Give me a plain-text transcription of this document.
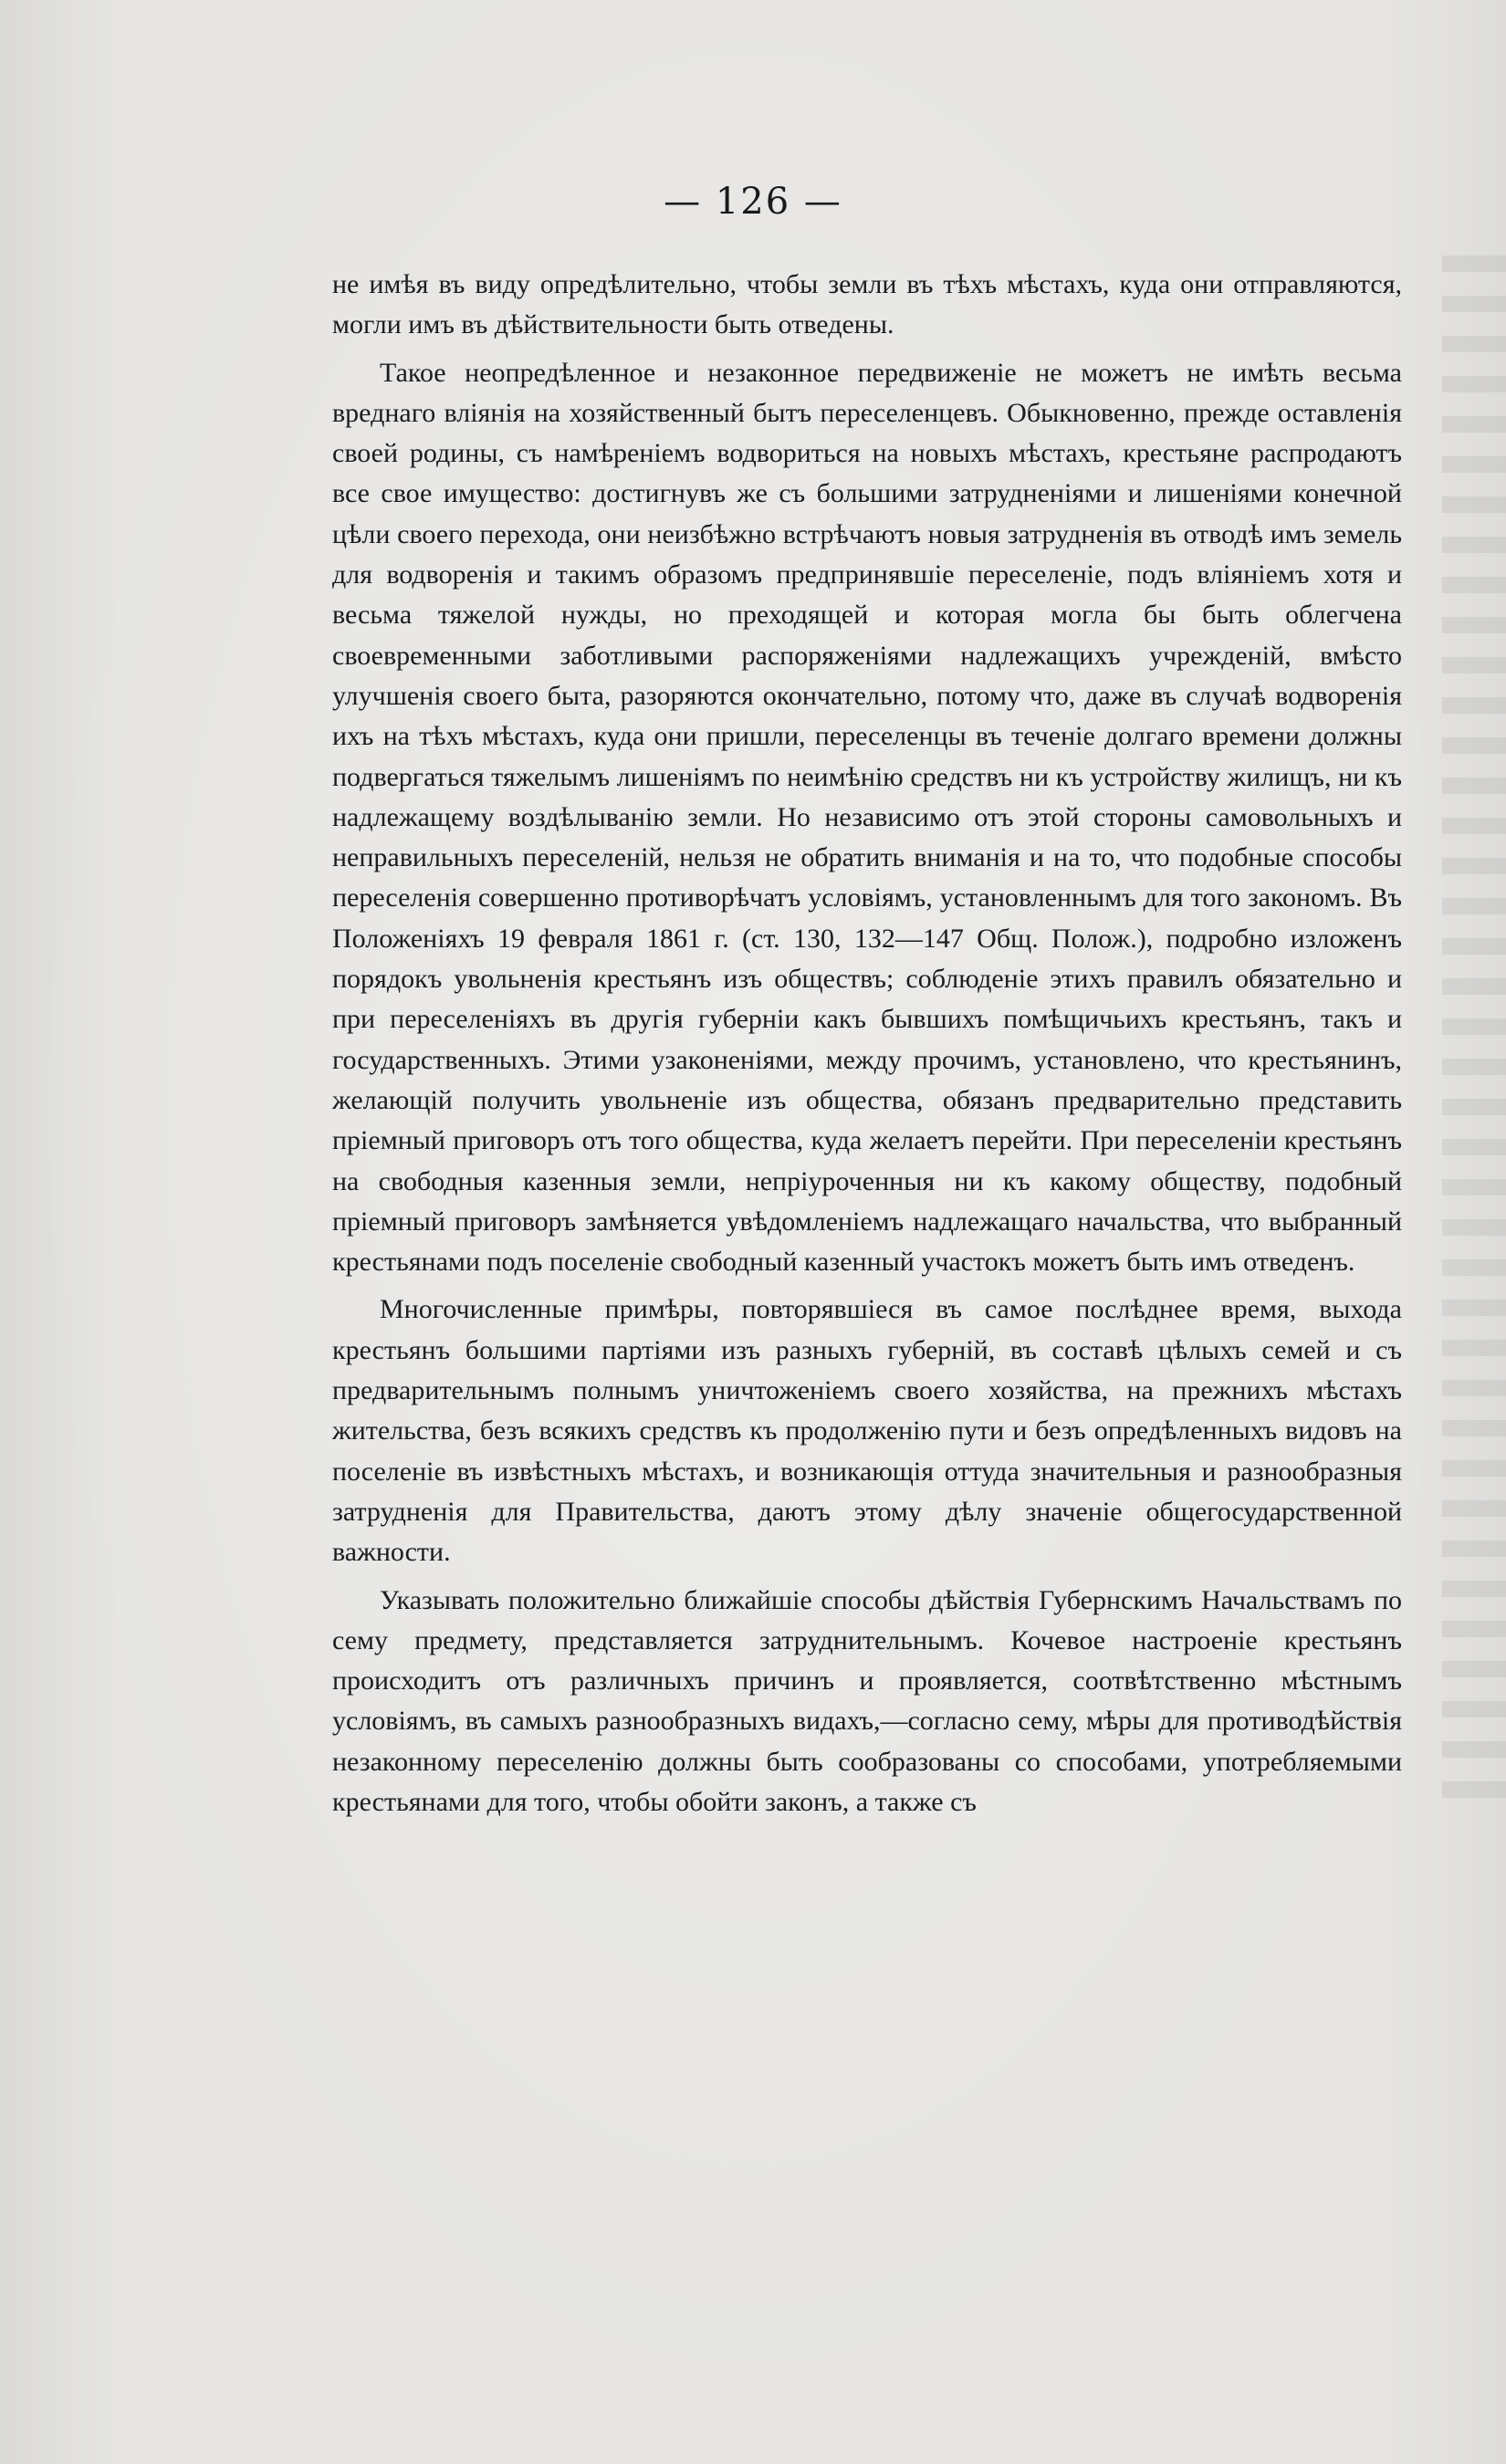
— 126 —

не имѣя въ виду опредѣлительно, чтобы земли въ тѣхъ мѣстахъ, куда они отправляются, могли имъ въ дѣйствительности быть отведены.

Такое неопредѣленное и незаконное передвиженіе не можетъ не имѣть весьма вреднаго вліянія на хозяйственный бытъ переселенцевъ. Обыкновенно, прежде оставленія своей родины, съ намѣреніемъ водвориться на новыхъ мѣстахъ, крестьяне распродаютъ все свое имущество: достигнувъ же съ большими затрудненіями и лишеніями конечной цѣли своего перехода, они неизбѣжно встрѣчаютъ новыя затрудненія въ отводѣ имъ земель для водворенія и такимъ образомъ предпринявшіе переселеніе, подъ вліяніемъ хотя и весьма тяжелой нужды, но преходящей и которая могла бы быть облегчена своевременными заботливыми распоряженіями надлежащихъ учрежденій, вмѣсто улучшенія своего быта, разоряются окончательно, потому что, даже въ случаѣ водворенія ихъ на тѣхъ мѣстахъ, куда они пришли, переселенцы въ теченіе долгаго времени должны подвергаться тяжелымъ лишеніямъ по неимѣнію средствъ ни къ устройству жилищъ, ни къ надлежащему воздѣлыванію земли. Но независимо отъ этой стороны самовольныхъ и неправильныхъ переселеній, нельзя не обратить вниманія и на то, что подобные способы переселенія совершенно противорѣчатъ условіямъ, установленнымъ для того закономъ. Въ Положеніяхъ 19 февраля 1861 г. (ст. 130, 132—147 Общ. Полож.), подробно изложенъ порядокъ увольненія крестьянъ изъ обществъ; соблюденіе этихъ правилъ обязательно и при переселеніяхъ въ другія губерніи какъ бывшихъ помѣщичьихъ крестьянъ, такъ и государственныхъ. Этими узаконеніями, между прочимъ, установлено, что крестьянинъ, желающій получить увольненіе изъ общества, обязанъ предварительно представить пріемный приговоръ отъ того общества, куда желаетъ перейти. При переселеніи крестьянъ на свободныя казенныя земли, непріуроченныя ни къ какому обществу, подобный пріемный приговоръ замѣняется увѣдомленіемъ надлежащаго начальства, что выбранный крестьянами подъ поселеніе свободный казенный участокъ можетъ быть имъ отведенъ.

Многочисленные примѣры, повторявшіеся въ самое послѣднее время, выхода крестьянъ большими партіями изъ разныхъ губерній, въ составѣ цѣлыхъ семей и съ предварительнымъ полнымъ уничтоженіемъ своего хозяйства, на прежнихъ мѣстахъ жительства, безъ всякихъ средствъ къ продолженію пути и безъ опредѣленныхъ видовъ на поселеніе въ извѣстныхъ мѣстахъ, и возникающія оттуда значительныя и разнообразныя затрудненія для Правительства, даютъ этому дѣлу значеніе общегосударственной важности.

Указывать положительно ближайшіе способы дѣйствія Губернскимъ Начальствамъ по сему предмету, представляется затруднительнымъ. Кочевое настроеніе крестьянъ происходитъ отъ различныхъ причинъ и проявляется, соотвѣтственно мѣстнымъ условіямъ, въ самыхъ разнообразныхъ видахъ,—согласно сему, мѣры для противодѣйствія незаконному переселенію должны быть сообразованы со способами, употребляемыми крестьянами для того, чтобы обойти законъ, а также съ
